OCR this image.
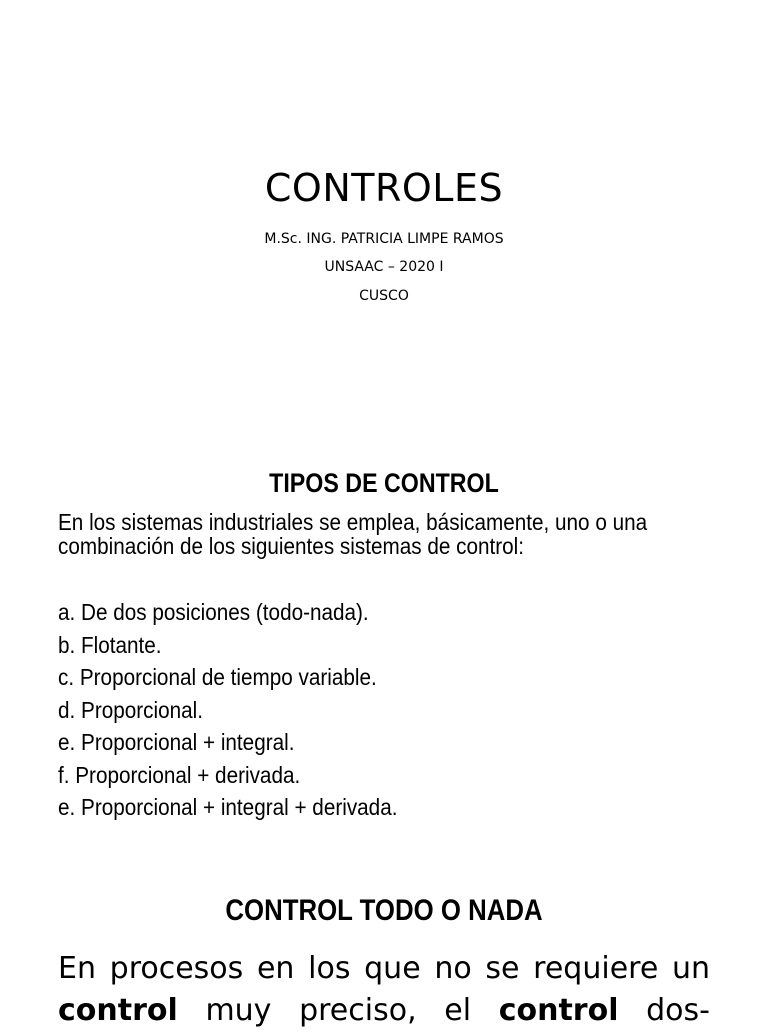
CONTROLES

M.Sc. ING. PATRICIA LIMPE RAMOS

UNSAAC – 2020 I

CUSCO

TIPOS DE CONTROL

En los sistemas industriales se emplea, básicamente, uno o una combinación de los siguientes sistemas de control:

a. De dos posiciones (todo-nada).
b. Flotante.
c. Proporcional de tiempo variable.
d. Proporcional.
e. Proporcional + integral.
f. Proporcional + derivada.
e. Proporcional + integral + derivada.
CONTROL TODO O NADA

En procesos en los que no se requiere un control muy preciso, el control dos-
